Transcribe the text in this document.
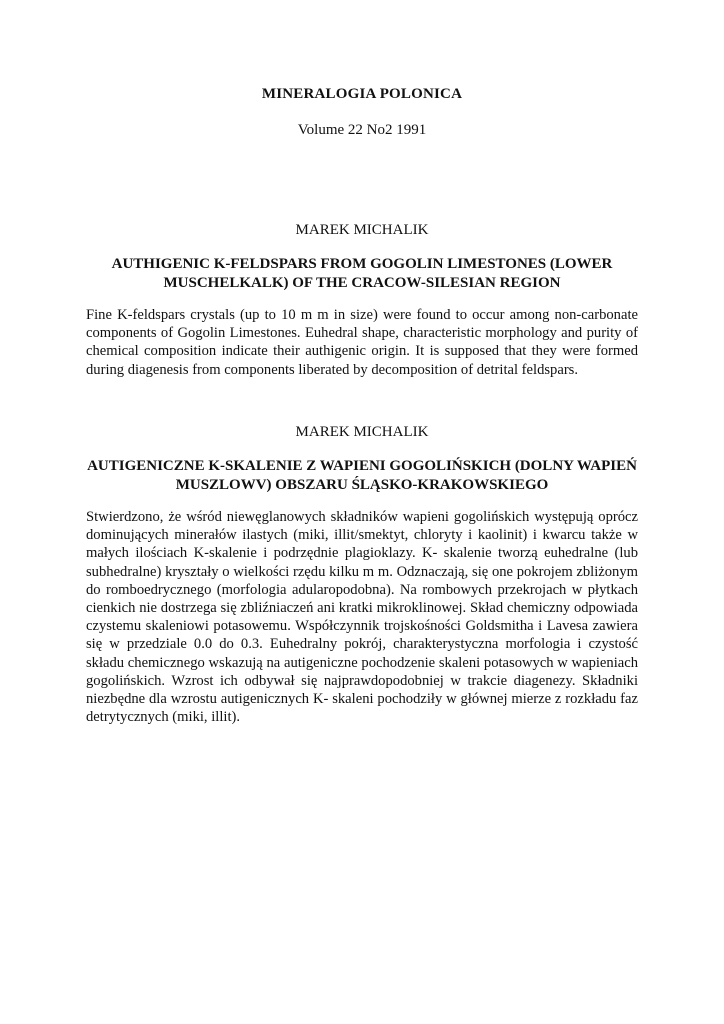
MINERALOGIA POLONICA

Volume 22 No2 1991

MAREK MICHALIK

AUTHIGENIC K-FELDSPARS FROM GOGOLIN LIMESTONES (LOWER MUSCHELKALK) OF THE CRACOW-SILESIAN REGION

Fine K-feldspars crystals (up to 10 m m in size) were found to occur among non-carbonate components of Gogolin Limestones. Euhedral shape, characteristic morphology and purity of chemical composition indicate their authigenic origin. It is supposed that they were formed during diagenesis from components liberated by decomposition of detrital feldspars.

MAREK MICHALIK

AUTIGENICZNE K-SKALENIE Z WAPIENI GOGOLIŃSKICH (DOLNY WAPIEŃ MUSZLOWV) OBSZARU ŚLĄSKO-KRAKOWSKIEGO

Stwierdzono, że wśród niewęglanowych składników wapieni gogolińskich występują oprócz dominujących minerałów ilastych (miki, illit/smektyt, chloryty i kaolinit) i kwarcu także w małych ilościach K-skalenie i podrzędnie plagioklazy. K- skalenie tworzą euhedralne (lub subhedralne) kryształy o wielkości rzędu kilku m m. Odznaczają, się one pokrojem zbliżonym do romboedrycznego (morfologia adularopodobna). Na rombowych przekrojach w płytkach cienkich nie dostrzega się zbliźniaczeń ani kratki mikroklinowej. Skład chemiczny odpowiada czystemu skaleniowi potasowemu. Współczynnik trojskośności Goldsmitha i Lavesa zawiera się w przedziale 0.0 do 0.3. Euhedralny pokrój, charakterystyczna morfologia i czystość składu chemicznego wskazują na autigeniczne pochodzenie skaleni potasowych w wapieniach gogolińskich. Wzrost ich odbywał się najprawdopodobniej w trakcie diagenezy. Składniki niezbędne dla wzrostu autigenicznych K- skaleni pochodziły w głównej mierze z rozkładu faz detrytycznych (miki, illit).
